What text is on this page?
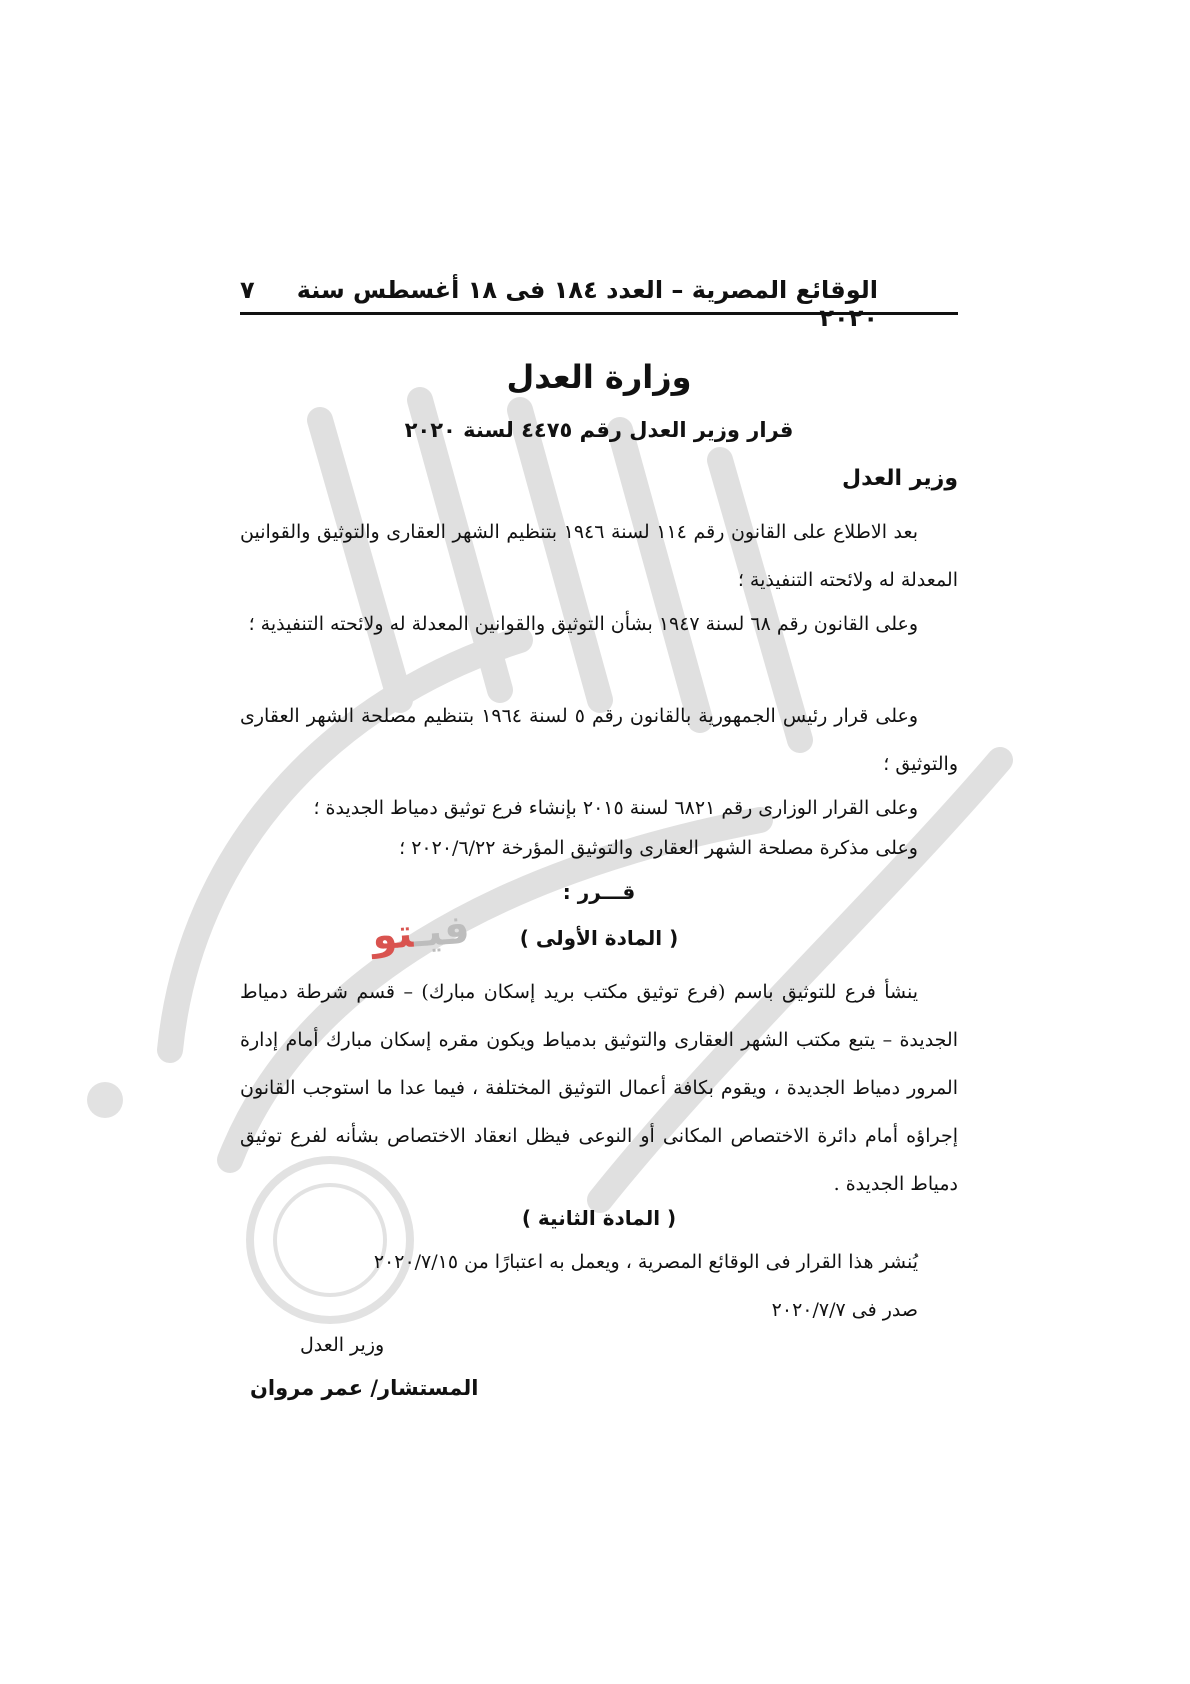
الوقائع المصرية – العدد ١٨٤ فى ١٨ أغسطس سنة ٢٠٢٠
٧
وزارة العدل
قرار وزير العدل رقم ٤٤٧٥ لسنة ٢٠٢٠
وزير العدل
بعد الاطلاع على القانون رقم ١١٤ لسنة ١٩٤٦ بتنظيم الشهر العقارى والتوثيق والقوانين المعدلة له ولائحته التنفيذية ؛
وعلى القانون رقم ٦٨ لسنة ١٩٤٧ بشأن التوثيق والقوانين المعدلة له ولائحته التنفيذية ؛
وعلى قرار رئيس الجمهورية بالقانون رقم ٥ لسنة ١٩٦٤ بتنظيم مصلحة الشهر العقارى والتوثيق ؛
وعلى القرار الوزارى رقم ٦٨٢١ لسنة ٢٠١٥ بإنشاء فرع توثيق دمياط الجديدة ؛
وعلى مذكرة مصلحة الشهر العقارى والتوثيق المؤرخة ٢٠٢٠/٦/٢٢ ؛
قـــرر :
فيـتو	( المادة الأولى )
ينشأ فرع للتوثيق باسم (فرع توثيق مكتب بريد إسكان مبارك) – قسم شرطة دمياط الجديدة – يتبع مكتب الشهر العقارى والتوثيق بدمياط ويكون مقره إسكان مبارك أمام إدارة المرور دمياط الجديدة ، ويقوم بكافة أعمال التوثيق المختلفة ، فيما عدا ما استوجب القانون إجراؤه أمام دائرة الاختصاص المكانى أو النوعى فيظل انعقاد الاختصاص بشأنه لفرع توثيق دمياط الجديدة .
( المادة الثانية )
يُنشر هذا القرار فى الوقائع المصرية ، ويعمل به اعتبارًا من ٢٠٢٠/٧/١٥
صدر فى ٢٠٢٠/٧/٧
وزير العدل
المستشار/ عمر مروان
